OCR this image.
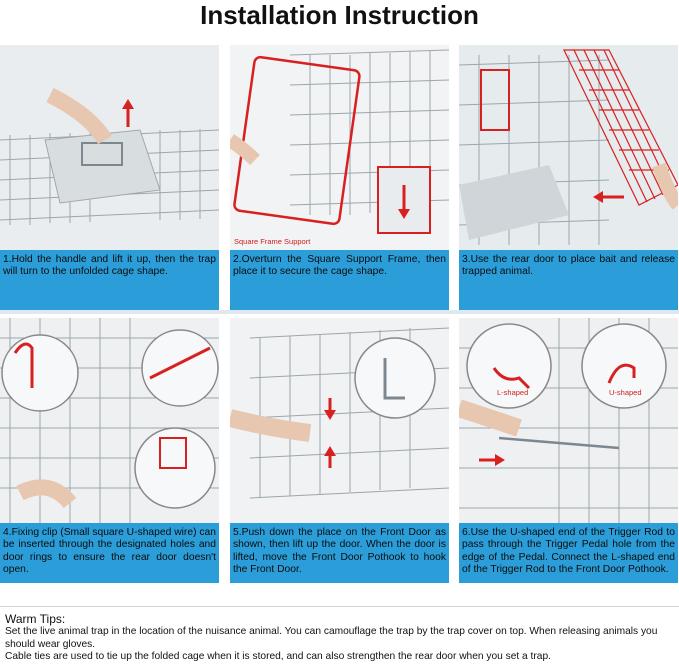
Installation Instruction
1.Hold the handle and lift it up, then the trap will turn to the unfolded cage shape.
Square Frame Support
2.Overturn the Square Support Frame, then place it to secure the cage shape.
3.Use the rear door to place bait and release trapped animal.
4.Fixing clip (Small square U-shaped wire) can be inserted through the designated holes and door rings to ensure the rear door doesn't open.
5.Push down the place on the Front Door as shown, then lift up the door. When the door is lifted, move the Front Door Pothook to hook the Front Door.
L-shaped	U-shaped
6.Use the U-shaped end of the Trigger Rod to pass through the Trigger Pedal hole from the edge of the Pedal. Connect the L-shaped end of the Trigger Rod to the Front Door Pothook.
Warm Tips:

Set the live animal trap in the location of the nuisance animal. You can camouflage the trap by the trap cover on top. When releasing animals you should wear gloves.

Cable ties are used to tie up the folded cage when it is stored, and can also strengthen the rear door when you set a trap.
